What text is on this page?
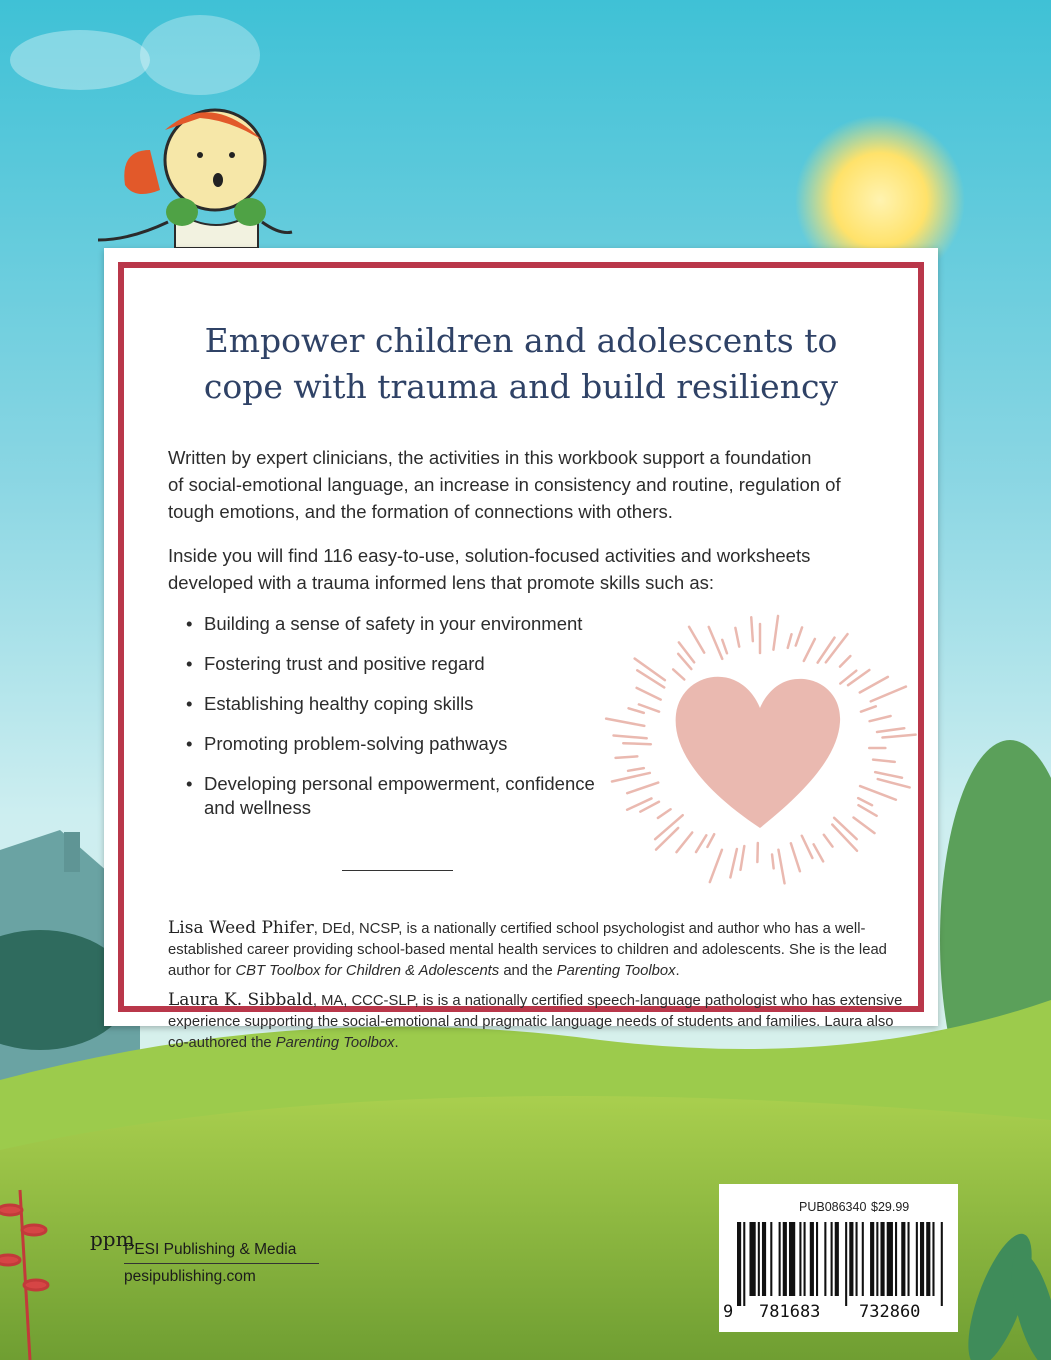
Empower children and adolescents to
cope with trauma and build resiliency
Written by expert clinicians, the activities in this workbook support a foundation
of social-emotional language, an increase in consistency and routine, regulation of
tough emotions, and the formation of connections with others.
Inside you will find 116 easy-to-use, solution-focused activities and worksheets
developed with a trauma informed lens that promote skills such as:
• Building a sense of safety in your environment
• Fostering trust and positive regard
• Establishing healthy coping skills
• Promoting problem-solving pathways
• Developing personal empowerment, confidence and wellness
Lisa Weed Phifer, DEd, NCSP, is a nationally certified school psychologist and author who has a well-established career providing school-based mental health services to children and adolescents. She is the lead author for CBT Toolbox for Children & Adolescents and the Parenting Toolbox.
Laura K. Sibbald, MA, CCC-SLP, is is a nationally certified speech-language pathologist who has extensive experience supporting the social-emotional and pragmatic language needs of students and families. Laura also co-authored the Parenting Toolbox.
ppm
PESI Publishing & Media
pesipublishing.com
PUB086340 $29.99
9 781683 732860
